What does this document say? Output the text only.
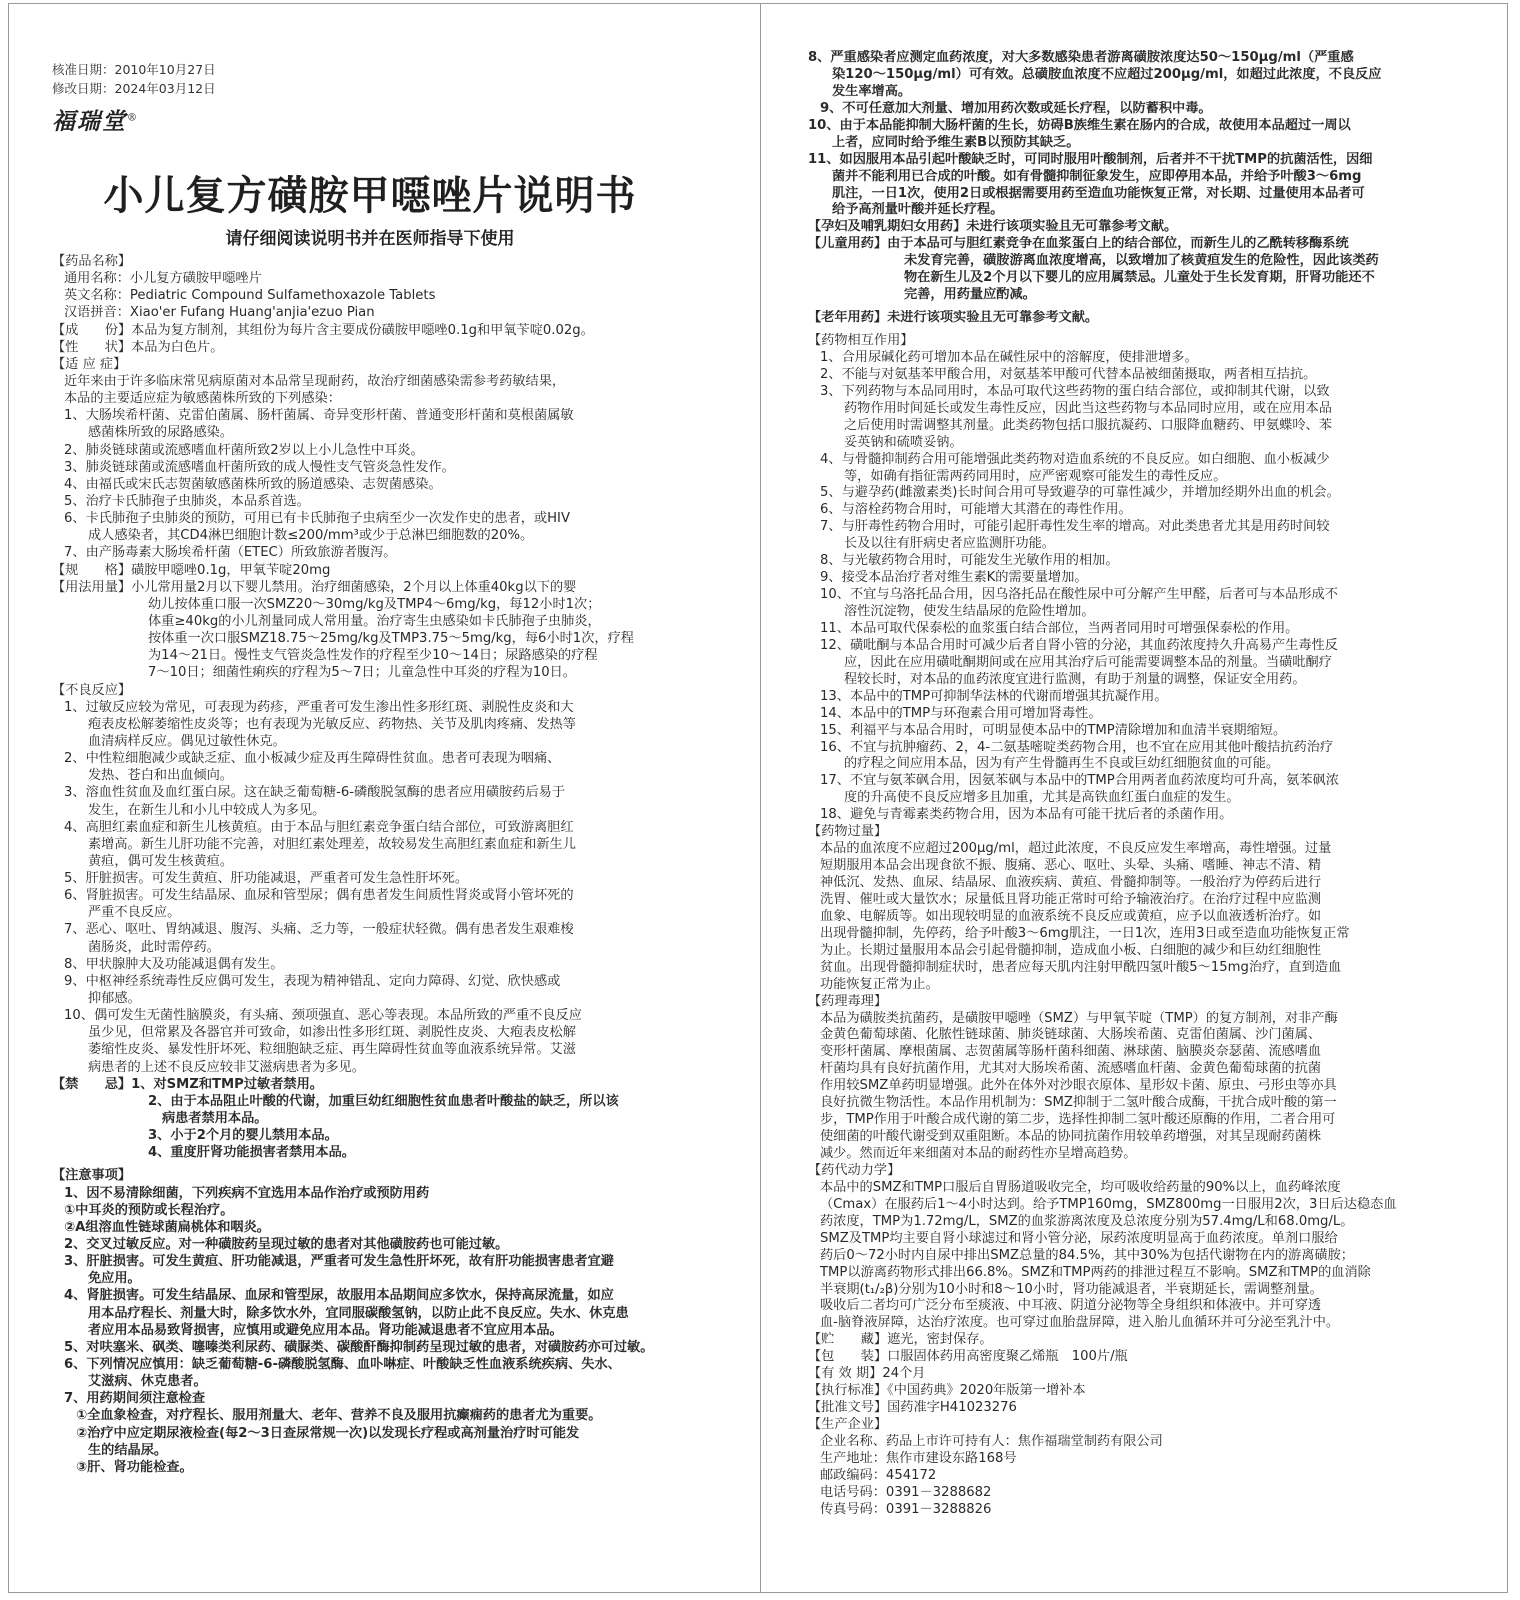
核准日期：2010年10月27日
修改日期：2024年03月12日
福瑞堂®
小儿复方磺胺甲噁唑片说明书
请仔细阅读说明书并在医师指导下使用
【药品名称】
通用名称：小儿复方磺胺甲噁唑片
英文名称：Pediatric Compound Sulfamethoxazole Tablets
汉语拼音：Xiao'er Fufang Huang'anjia'ezuo Pian
【成　　份】本品为复方制剂，其组份为每片含主要成份磺胺甲噁唑0.1g和甲氧苄啶0.02g。
【性　　状】本品为白色片。
【适 应 症】
近年来由于许多临床常见病原菌对本品常呈现耐药，故治疗细菌感染需参考药敏结果，
本品的主要适应症为敏感菌株所致的下列感染：
1、大肠埃希杆菌、克雷伯菌属、肠杆菌属、奇异变形杆菌、普通变形杆菌和莫根菌属敏
感菌株所致的尿路感染。
2、肺炎链球菌或流感嗜血杆菌所致2岁以上小儿急性中耳炎。
3、肺炎链球菌或流感嗜血杆菌所致的成人慢性支气管炎急性发作。
4、由福氏或宋氏志贺菌敏感菌株所致的肠道感染、志贺菌感染。
5、治疗卡氏肺孢子虫肺炎，本品系首选。
6、卡氏肺孢子虫肺炎的预防，可用已有卡氏肺孢子虫病至少一次发作史的患者，或HIV
成人感染者，其CD4淋巴细胞计数≤200/mm³或少于总淋巴细胞数的20%。
7、由产肠毒素大肠埃希杆菌（ETEC）所致旅游者腹泻。
【规　　格】磺胺甲噁唑0.1g，甲氧苄啶20mg
【用法用量】小儿常用量2月以下婴儿禁用。治疗细菌感染，2个月以上体重40kg以下的婴
幼儿按体重口服一次SMZ20～30mg/kg及TMP4～6mg/kg，每12小时1次；
体重≥40kg的小儿剂量同成人常用量。治疗寄生虫感染如卡氏肺孢子虫肺炎，
按体重一次口服SMZ18.75～25mg/kg及TMP3.75～5mg/kg，每6小时1次，疗程
为14～21日。慢性支气管炎急性发作的疗程至少10～14日；尿路感染的疗程
7～10日；细菌性痢疾的疗程为5～7日；儿童急性中耳炎的疗程为10日。
【不良反应】
1、过敏反应较为常见，可表现为药疹，严重者可发生渗出性多形红斑、剥脱性皮炎和大
疱表皮松解萎缩性皮炎等；也有表现为光敏反应、药物热、关节及肌肉疼痛、发热等
血清病样反应。偶见过敏性休克。
2、中性粒细胞减少或缺乏症、血小板减少症及再生障碍性贫血。患者可表现为咽痛、
发热、苍白和出血倾向。
3、溶血性贫血及血红蛋白尿。这在缺乏葡萄糖-6-磷酸脱氢酶的患者应用磺胺药后易于
发生，在新生儿和小儿中较成人为多见。
4、高胆红素血症和新生儿核黄疸。由于本品与胆红素竞争蛋白结合部位，可致游离胆红
素增高。新生儿肝功能不完善，对胆红素处理差，故较易发生高胆红素血症和新生儿
黄疸，偶可发生核黄疸。
5、肝脏损害。可发生黄疸、肝功能减退，严重者可发生急性肝坏死。
6、肾脏损害。可发生结晶尿、血尿和管型尿；偶有患者发生间质性肾炎或肾小管坏死的
严重不良反应。
7、恶心、呕吐、胃纳减退、腹泻、头痛、乏力等，一般症状轻微。偶有患者发生艰难梭
菌肠炎，此时需停药。
8、甲状腺肿大及功能减退偶有发生。
9、中枢神经系统毒性反应偶可发生，表现为精神错乱、定向力障碍、幻觉、欣快感或
抑郁感。
10、偶可发生无菌性脑膜炎，有头痛、颈项强直、恶心等表现。本品所致的严重不良反应
虽少见，但常累及各器官并可致命，如渗出性多形红斑、剥脱性皮炎、大疱表皮松解
萎缩性皮炎、暴发性肝坏死、粒细胞缺乏症、再生障碍性贫血等血液系统异常。艾滋
病患者的上述不良反应较非艾滋病患者为多见。
【禁　　忌】1、对SMZ和TMP过敏者禁用。
2、由于本品阻止叶酸的代谢，加重巨幼红细胞性贫血患者叶酸盐的缺乏，所以该
病患者禁用本品。
3、小于2个月的婴儿禁用本品。
4、重度肝肾功能损害者禁用本品。
【注意事项】
1、因不易清除细菌，下列疾病不宜选用本品作治疗或预防用药
①中耳炎的预防或长程治疗。
②A组溶血性链球菌扁桃体和咽炎。
2、交叉过敏反应。对一种磺胺药呈现过敏的患者对其他磺胺药也可能过敏。
3、肝脏损害。可发生黄疸、肝功能减退，严重者可发生急性肝坏死，故有肝功能损害患者宜避
免应用。
4、肾脏损害。可发生结晶尿、血尿和管型尿，故服用本品期间应多饮水，保持高尿流量，如应
用本品疗程长、剂量大时，除多饮水外，宜同服碳酸氢钠，以防止此不良反应。失水、休克患
者应用本品易致肾损害，应慎用或避免应用本品。肾功能减退患者不宜应用本品。
5、对呋塞米、砜类、噻嗪类利尿药、磺脲类、碳酸酐酶抑制药呈现过敏的患者，对磺胺药亦可过敏。
6、下列情况应慎用：缺乏葡萄糖-6-磷酸脱氢酶、血卟啉症、叶酸缺乏性血液系统疾病、失水、
艾滋病、休克患者。
7、用药期间须注意检查
①全血象检查，对疗程长、服用剂量大、老年、营养不良及服用抗癫痫药的患者尤为重要。
②治疗中应定期尿液检查(每2～3日查尿常规一次)以发现长疗程或高剂量治疗时可能发
生的结晶尿。
③肝、肾功能检查。
8、严重感染者应测定血药浓度，对大多数感染患者游离磺胺浓度达50～150μg/ml（严重感
染120～150μg/ml）可有效。总磺胺血浓度不应超过200μg/ml，如超过此浓度，不良反应
发生率增高。
9、不可任意加大剂量、增加用药次数或延长疗程，以防蓄积中毒。
10、由于本品能抑制大肠杆菌的生长，妨碍B族维生素在肠内的合成，故使用本品超过一周以
上者，应同时给予维生素B以预防其缺乏。
11、如因服用本品引起叶酸缺乏时，可同时服用叶酸制剂，后者并不干扰TMP的抗菌活性，因细
菌并不能利用已合成的叶酸。如有骨髓抑制征象发生，应即停用本品，并给予叶酸3～6mg
肌注，一日1次，使用2日或根据需要用药至造血功能恢复正常，对长期、过量使用本品者可
给予高剂量叶酸并延长疗程。
【孕妇及哺乳期妇女用药】未进行该项实验且无可靠参考文献。
【儿童用药】由于本品可与胆红素竞争在血浆蛋白上的结合部位，而新生儿的乙酰转移酶系统
未发育完善，磺胺游离血浓度增高，以致增加了核黄疸发生的危险性，因此该类药
物在新生儿及2个月以下婴儿的应用属禁忌。儿童处于生长发育期，肝肾功能还不
完善，用药量应酌减。
【老年用药】未进行该项实验且无可靠参考文献。
【药物相互作用】
1、合用尿碱化药可增加本品在碱性尿中的溶解度，使排泄增多。
2、不能与对氨基苯甲酸合用，对氨基苯甲酸可代替本品被细菌摄取，两者相互拮抗。
3、下列药物与本品同用时，本品可取代这些药物的蛋白结合部位，或抑制其代谢，以致
药物作用时间延长或发生毒性反应，因此当这些药物与本品同时应用，或在应用本品
之后使用时需调整其剂量。此类药物包括口服抗凝药、口服降血糖药、甲氨蝶呤、苯
妥英钠和硫喷妥钠。
4、与骨髓抑制药合用可能增强此类药物对造血系统的不良反应。如白细胞、血小板减少
等，如确有指征需两药同用时，应严密观察可能发生的毒性反应。
5、与避孕药(雌激素类)长时间合用可导致避孕的可靠性减少，并增加经期外出血的机会。
6、与溶栓药物合用时，可能增大其潜在的毒性作用。
7、与肝毒性药物合用时，可能引起肝毒性发生率的增高。对此类患者尤其是用药时间较
长及以往有肝病史者应监测肝功能。
8、与光敏药物合用时，可能发生光敏作用的相加。
9、接受本品治疗者对维生素K的需要量增加。
10、不宜与乌洛托品合用，因乌洛托品在酸性尿中可分解产生甲醛，后者可与本品形成不
溶性沉淀物，使发生结晶尿的危险性增加。
11、本品可取代保泰松的血浆蛋白结合部位，当两者同用时可增强保泰松的作用。
12、磺吡酮与本品合用时可减少后者自肾小管的分泌，其血药浓度持久升高易产生毒性反
应，因此在应用磺吡酮期间或在应用其治疗后可能需要调整本品的剂量。当磺吡酮疗
程较长时，对本品的血药浓度宜进行监测，有助于剂量的调整，保证安全用药。
13、本品中的TMP可抑制华法林的代谢而增强其抗凝作用。
14、本品中的TMP与环孢素合用可增加肾毒性。
15、利福平与本品合用时，可明显使本品中的TMP清除增加和血清半衰期缩短。
16、不宜与抗肿瘤药、2，4-二氨基嘧啶类药物合用，也不宜在应用其他叶酸拮抗药治疗
的疗程之间应用本品，因为有产生骨髓再生不良或巨幼红细胞贫血的可能。
17、不宜与氨苯砜合用，因氨苯砜与本品中的TMP合用两者血药浓度均可升高，氨苯砜浓
度的升高使不良反应增多且加重，尤其是高铁血红蛋白血症的发生。
18、避免与青霉素类药物合用，因为本品有可能干扰后者的杀菌作用。
【药物过量】
本品的血浓度不应超过200μg/ml，超过此浓度，不良反应发生率增高，毒性增强。过量
短期服用本品会出现食欲不振、腹痛、恶心、呕吐、头晕、头痛、嗜睡、神志不清、精
神低沉、发热、血尿、结晶尿、血液疾病、黄疸、骨髓抑制等。一般治疗为停药后进行
洗胃、催吐或大量饮水；尿量低且肾功能正常时可给予输液治疗。在治疗过程中应监测
血象、电解质等。如出现较明显的血液系统不良反应或黄疸，应予以血液透析治疗。如
出现骨髓抑制，先停药，给予叶酸3～6mg肌注，一日1次，连用3日或至造血功能恢复正常
为止。长期过量服用本品会引起骨髓抑制，造成血小板、白细胞的减少和巨幼红细胞性
贫血。出现骨髓抑制症状时，患者应每天肌内注射甲酰四氢叶酸5～15mg治疗，直到造血
功能恢复正常为止。
【药理毒理】
本品为磺胺类抗菌药，是磺胺甲噁唑（SMZ）与甲氧苄啶（TMP）的复方制剂，对非产酶
金黄色葡萄球菌、化脓性链球菌、肺炎链球菌、大肠埃希菌、克雷伯菌属、沙门菌属、
变形杆菌属、摩根菌属、志贺菌属等肠杆菌科细菌、淋球菌、脑膜炎奈瑟菌、流感嗜血
杆菌均具有良好抗菌作用，尤其对大肠埃希菌、流感嗜血杆菌、金黄色葡萄球菌的抗菌
作用较SMZ单药明显增强。此外在体外对沙眼衣原体、星形奴卡菌、原虫、弓形虫等亦具
良好抗微生物活性。本品作用机制为：SMZ抑制于二氢叶酸合成酶，干扰合成叶酸的第一
步，TMP作用于叶酸合成代谢的第二步，选择性抑制二氢叶酸还原酶的作用，二者合用可
使细菌的叶酸代谢受到双重阻断。本品的协同抗菌作用较单药增强，对其呈现耐药菌株
减少。然而近年来细菌对本品的耐药性亦呈增高趋势。
【药代动力学】
本品中的SMZ和TMP口服后自胃肠道吸收完全，均可吸收给药量的90%以上，血药峰浓度
（Cmax）在服药后1～4小时达到。给予TMP160mg，SMZ800mg一日服用2次，3日后达稳态血
药浓度，TMP为1.72mg/L，SMZ的血浆游离浓度及总浓度分别为57.4mg/L和68.0mg/L。
SMZ及TMP均主要自肾小球滤过和肾小管分泌，尿药浓度明显高于血药浓度。单剂口服给
药后0～72小时内自尿中排出SMZ总量的84.5%，其中30%为包括代谢物在内的游离磺胺；
TMP以游离药物形式排出66.8%。SMZ和TMP两药的排泄过程互不影响。SMZ和TMP的血消除
半衰期(t₁/₂β)分别为10小时和8～10小时，肾功能减退者，半衰期延长，需调整剂量。
吸收后二者均可广泛分布至痰液、中耳液、阴道分泌物等全身组织和体液中。并可穿透
血-脑脊液屏障，达治疗浓度。也可穿过血胎盘屏障，进入胎儿血循环并可分泌至乳汁中。
【贮　　藏】遮光，密封保存。
【包　　装】口服固体药用高密度聚乙烯瓶　100片/瓶
【有 效 期】24个月
【执行标准】《中国药典》2020年版第一增补本
【批准文号】国药准字H41023276
【生产企业】
企业名称、药品上市许可持有人：焦作福瑞堂制药有限公司
生产地址：焦作市建设东路168号
邮政编码：454172
电话号码：0391－3288682
传真号码：0391－3288826
